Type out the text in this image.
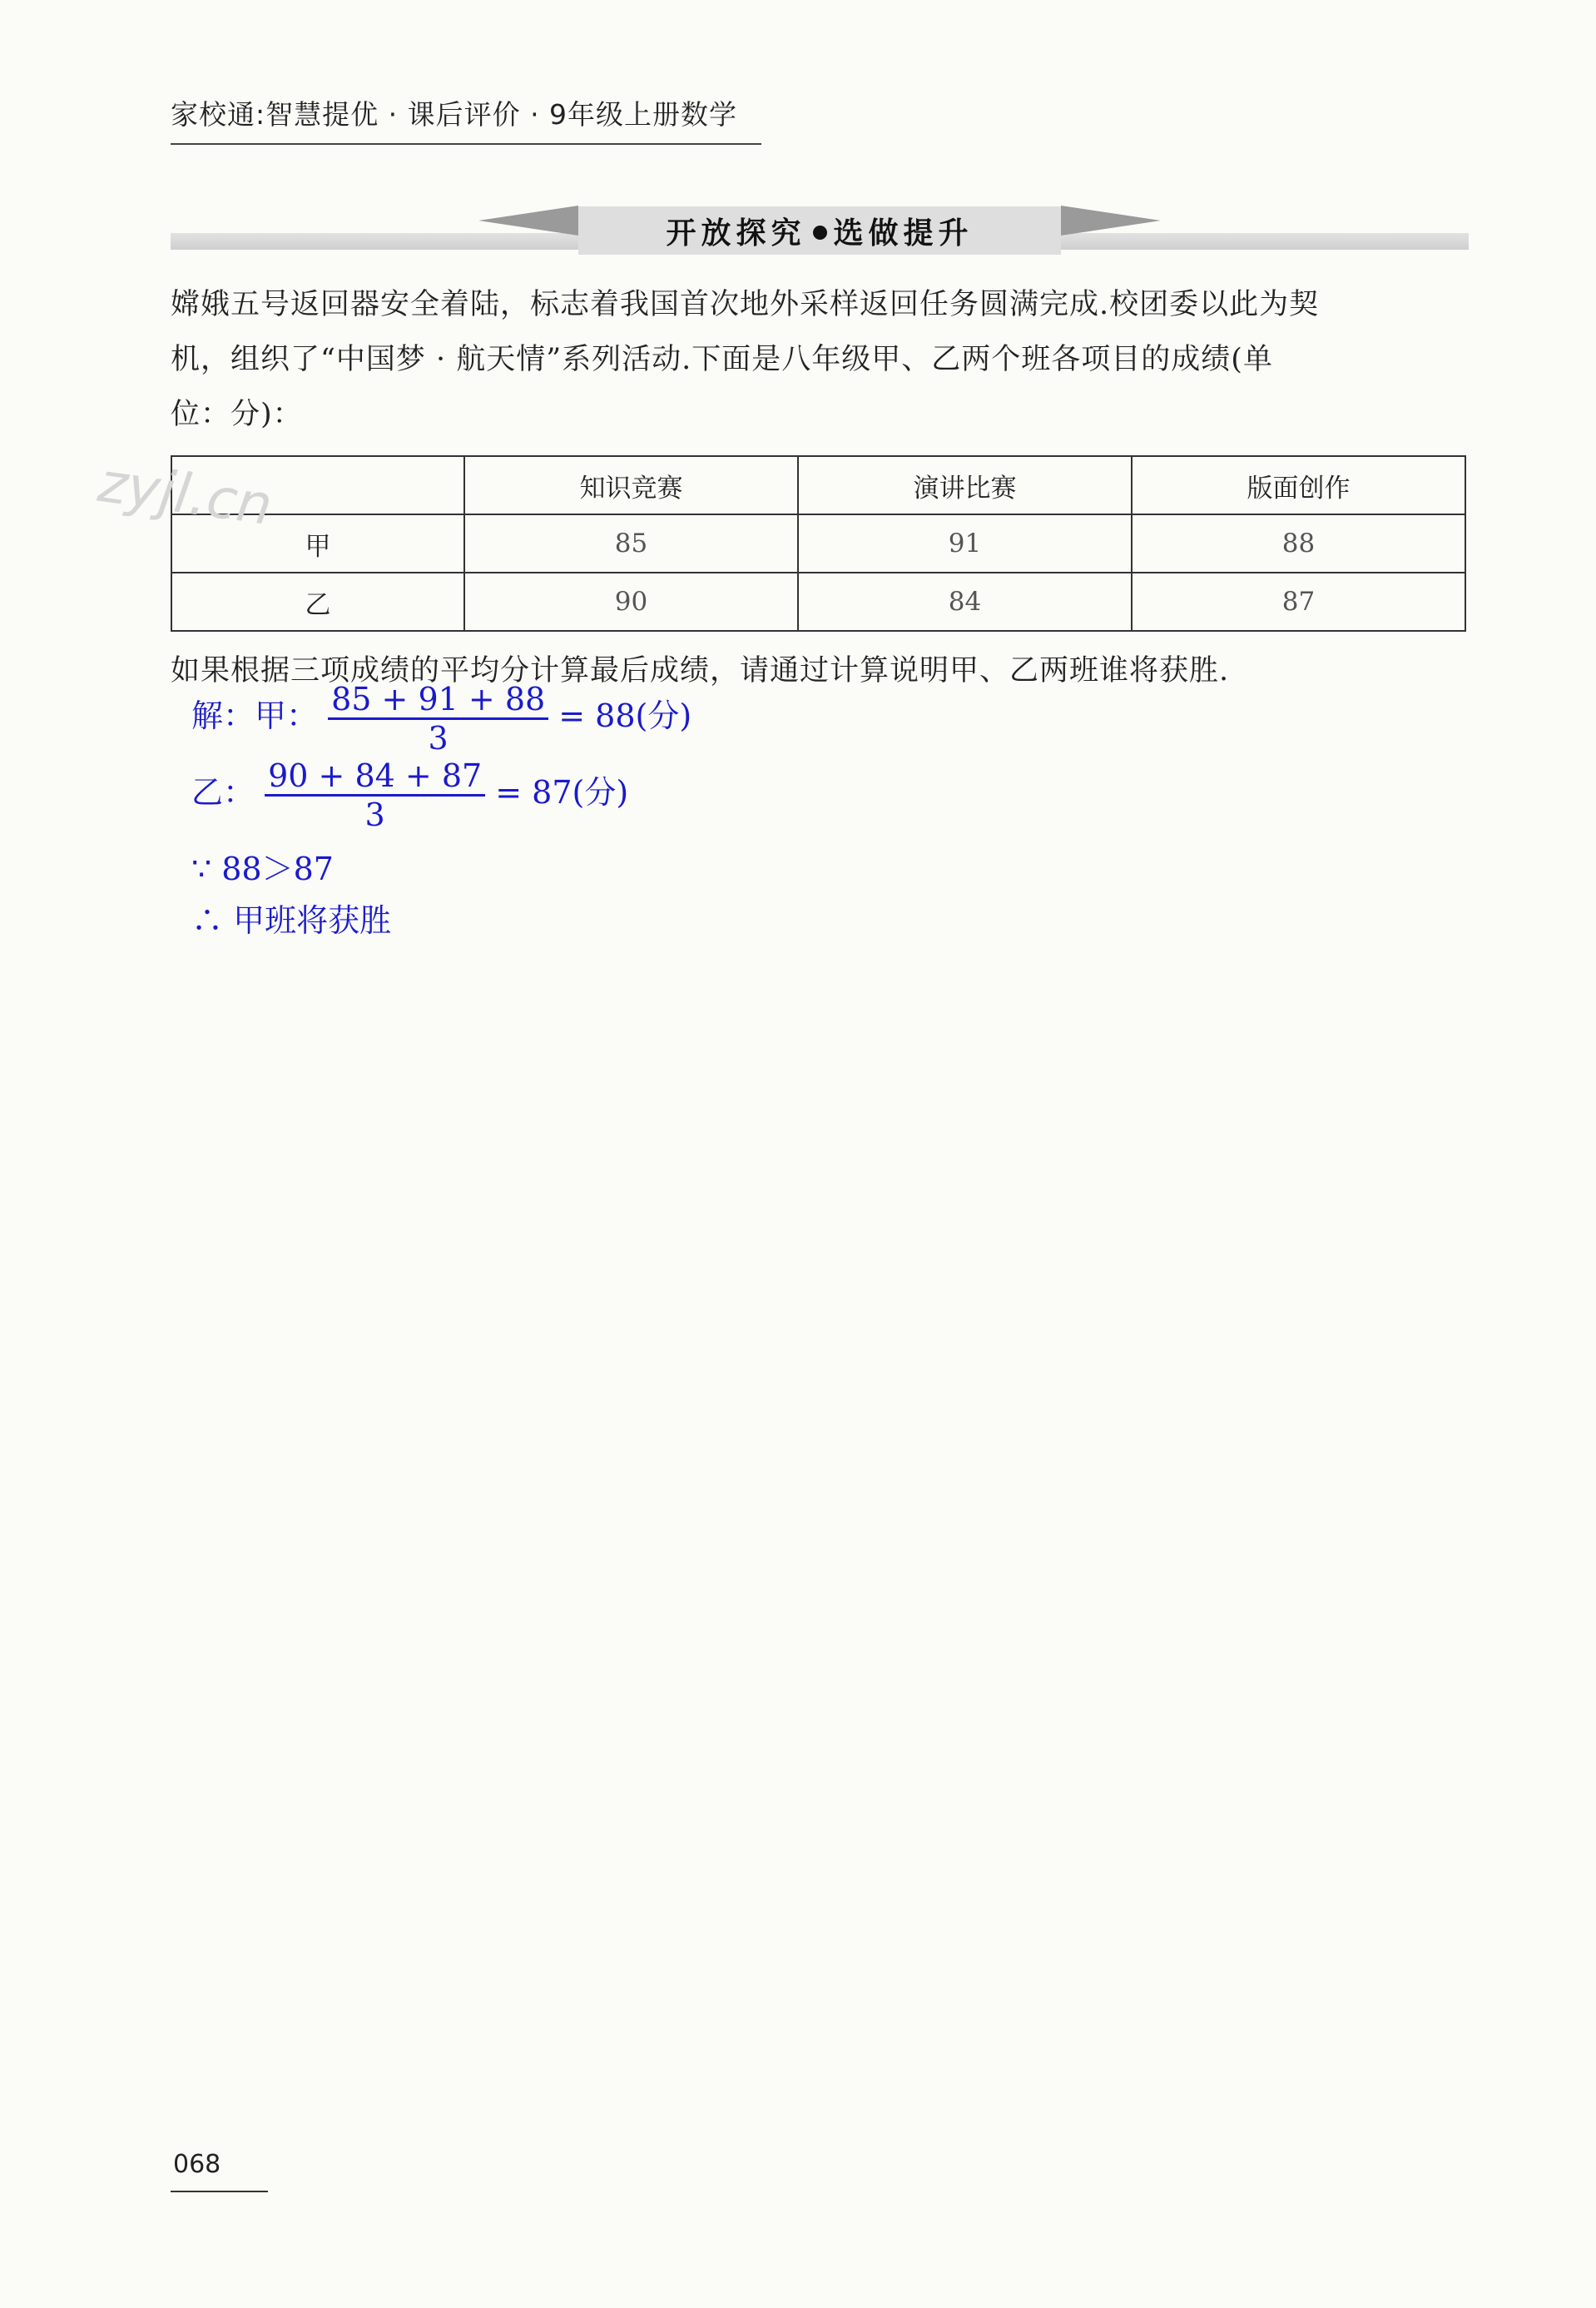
家校通:智慧提优 · 课后评价 · 9年级上册数学
开放探究 选做提升
嫦娥五号返回器安全着陆，标志着我国首次地外采样返回任务圆满完成.校团委以此为契
机，组织了“中国梦 · 航天情”系列活动.下面是八年级甲、乙两个班各项目的成绩(单
位：分)：
	知识竞赛	演讲比赛	版面创作
甲	85	91	88
乙	90	84	87
zyjl.cn
如果根据三项成绩的平均分计算最后成绩，请通过计算说明甲、乙两班谁将获胜.
解：甲： $\frac{85 + 91 + 88}{3} = 88$(分)
乙： $\frac{90 + 84 + 87}{3} = 87$(分)
∵ 88＞87
∴ 甲班将获胜
068
